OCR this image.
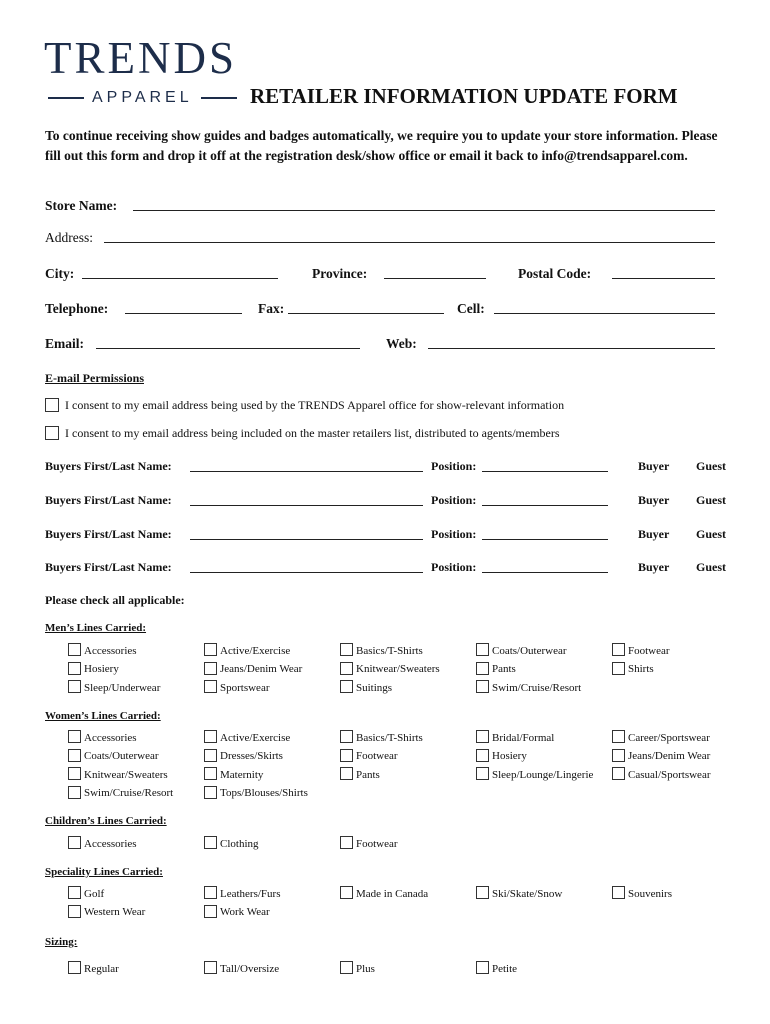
TRENDS
APPAREL	RETAILER INFORMATION UPDATE FORM
To continue receiving show guides and badges automatically, we require you to update your store information. Please fill out this form and drop it off at the registration desk/show office or email it back to info@trendsapparel.com.
Store Name:
Address:
City:	Province:	Postal Code:
Telephone:	Fax:	Cell:
Email:	Web:
E-mail Permissions
I consent to my email address being used by the TRENDS Apparel office for show-relevant information
I consent to my email address being included on the master retailers list, distributed to agents/members
Buyers First/Last Name:	Position:	Buyer Guest
Buyers First/Last Name:	Position:	Buyer Guest
Buyers First/Last Name:	Position:	Buyer Guest
Buyers First/Last Name:	Position:	Buyer Guest
Please check all applicable:
Men’s Lines Carried:
Accessories	Active/Exercise	Basics/T-Shirts	Coats/Outerwear	Footwear
Hosiery	Jeans/Denim Wear	Knitwear/Sweaters	Pants	Shirts
Sleep/Underwear	Sportswear	Suitings	Swim/Cruise/Resort
Women’s Lines Carried:
Accessories	Active/Exercise	Basics/T-Shirts	Bridal/Formal	Career/Sportswear
Coats/Outerwear	Dresses/Skirts	Footwear	Hosiery	Jeans/Denim Wear
Knitwear/Sweaters	Maternity	Pants	Sleep/Lounge/Lingerie	Casual/Sportswear
Swim/Cruise/Resort	Tops/Blouses/Shirts
Children’s Lines Carried:
Accessories	Clothing	Footwear
Speciality Lines Carried:
Golf	Leathers/Furs	Made in Canada	Ski/Skate/Snow	Souvenirs
Western Wear	Work Wear
Sizing:
Regular	Tall/Oversize	Plus	Petite
